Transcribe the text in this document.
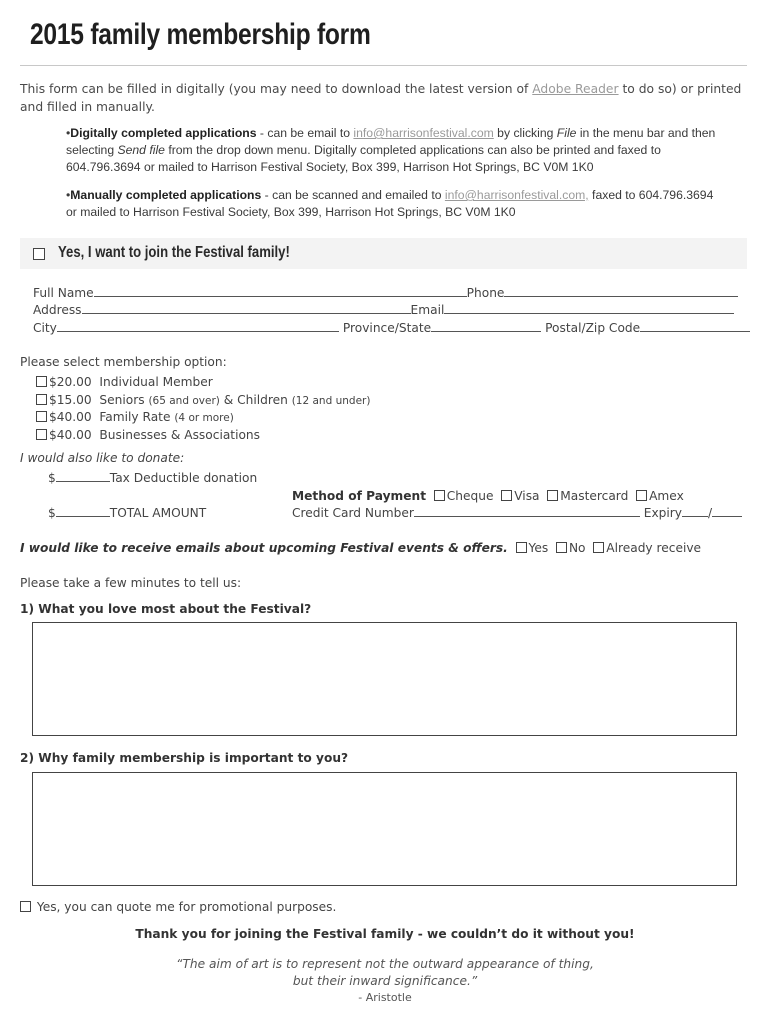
2015 family membership form
This form can be filled in digitally (you may need to download the latest version of Adobe Reader to do so) or printed and filled in manually.
•Digitally completed applications - can be email to info@harrisonfestival.com by clicking File in the menu bar and then selecting Send file from the drop down menu. Digitally completed applications can also be printed and faxed to 604.796.3694 or mailed to Harrison Festival Society, Box 399, Harrison Hot Springs, BC V0M 1K0
•Manually completed applications - can be scanned and emailed to info@harrisonfestival.com, faxed to 604.796.3694 or mailed to Harrison Festival Society, Box 399, Harrison Hot Springs, BC V0M 1K0
Yes, I want to join the Festival family!
Full Name	Phone
Address	Email
City	Province/State	Postal/Zip Code
Please select membership option:
$20.00 Individual Member
$15.00 Seniors (65 and over) & Children (12 and under)
$40.00 Family Rate (4 or more)
$40.00 Businesses & Associations
I would also like to donate:
$	Tax Deductible donation
Method of Payment Cheque Visa Mastercard Amex
$	TOTAL AMOUNT	Credit Card Number	Expiry /
I would like to receive emails about upcoming Festival events & offers. Yes No Already receive
Please take a few minutes to tell us:
1) What you love most about the Festival?
2) Why family membership is important to you?
Yes, you can quote me for promotional purposes.
Thank you for joining the Festival family - we couldn’t do it without you!
“The aim of art is to represent not the outward appearance of thing,
but their inward significance.”
- Aristotle
